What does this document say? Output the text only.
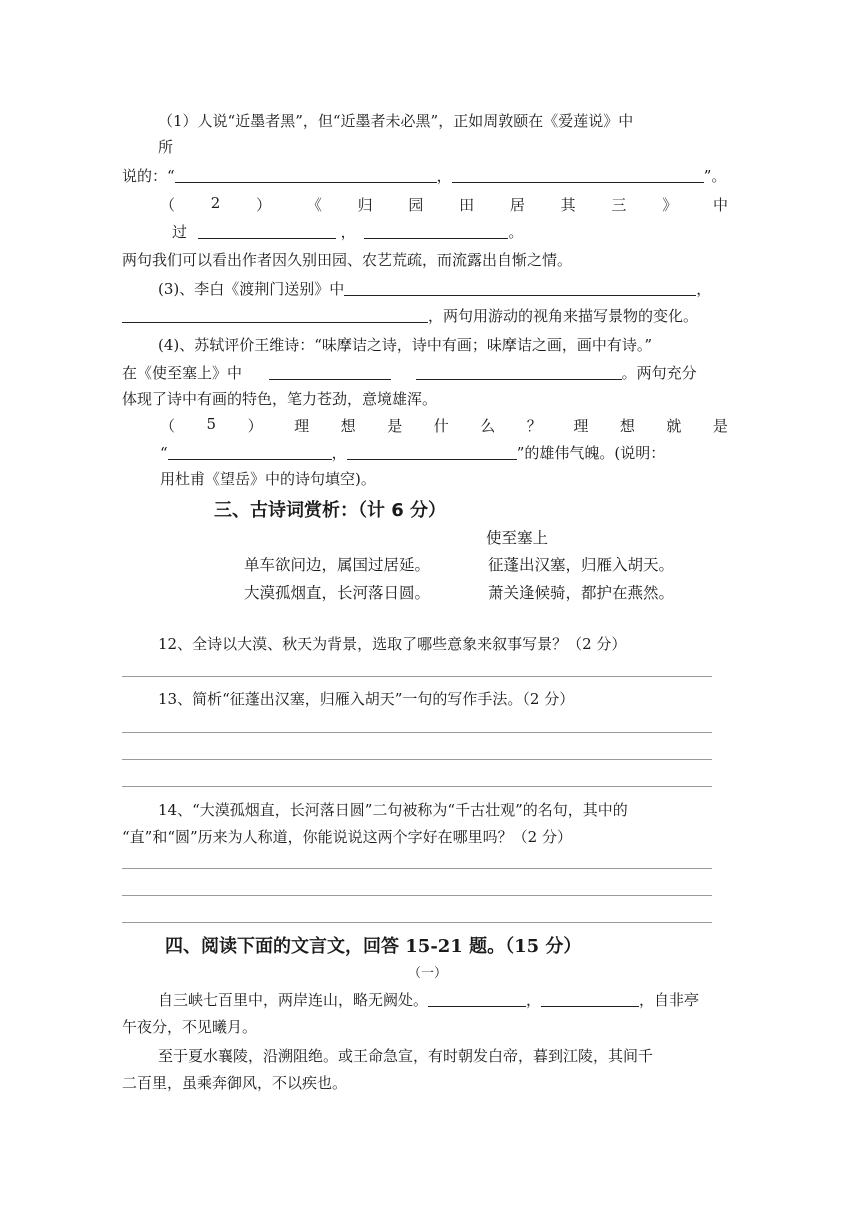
（1）人说“近墨者黑”，但“近墨者未必黑”，正如周敦颐在《爱莲说》中
所
说的：“	，	”。
（ 2 ） 《 归 园 田 居 其 三 》 中
过	，	。
两句我们可以看出作者因久别田园、农艺荒疏，而流露出自惭之情。
(3)、李白《渡荆门送别》中	，
，两句用游动的视角来描写景物的变化。
(4)、苏轼评价王维诗：“味摩诘之诗，诗中有画；味摩诘之画，画中有诗。”
在《使至塞上》中	。两句充分
体现了诗中有画的特色，笔力苍劲，意境雄浑。
（ 5 ） 理 想 是 什 么 ？ 理 想 就 是
“	，	”的雄伟气魄。(说明：
用杜甫《望岳》中的诗句填空)。
三、古诗词赏析：（计 6 分）
使至塞上
单车欲问边，属国过居延。	征蓬出汉塞，归雁入胡天。
大漠孤烟直，长河落日圆。	萧关逢候骑，都护在燕然。
12、全诗以大漠、秋天为背景，选取了哪些意象来叙事写景？（2 分）
13、简析“征蓬出汉塞，归雁入胡天”一句的写作手法。（2 分）
14、“大漠孤烟直，长河落日圆”二句被称为“千古壮观”的名句，其中的
“直”和“圆”历来为人称道，你能说说这两个字好在哪里吗？（2 分）
四、阅读下面的文言文，回答 15-21 题。（15 分）
（一）
自三峡七百里中，两岸连山，略无阙处。	，	，自非亭
午夜分，不见曦月。
至于夏水襄陵，沿溯阻绝。或王命急宣，有时朝发白帝，暮到江陵，其间千
二百里，虽乘奔御风，不以疾也。
